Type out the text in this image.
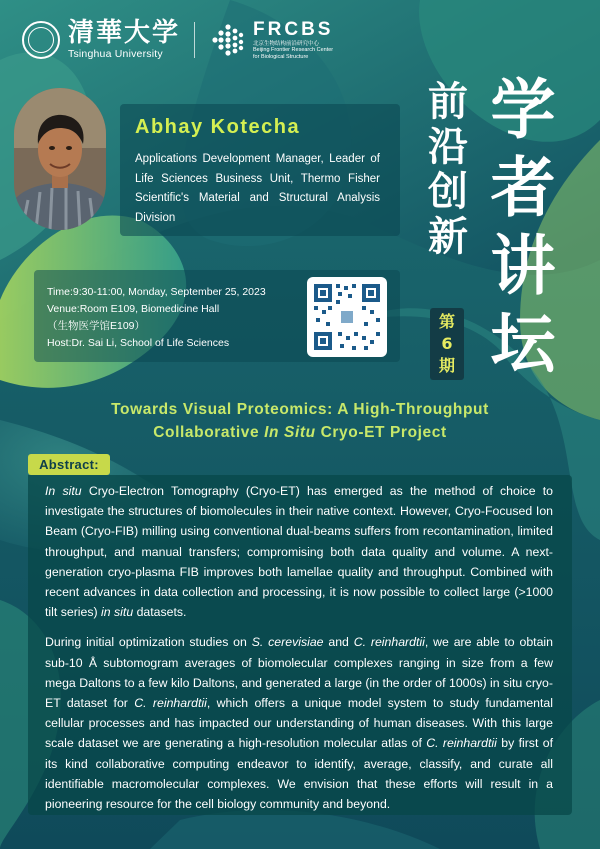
清華大学
Tsinghua University
FRCBS
北京生物结构前沿研究中心
Beijing Frontier Research Center
for Biological Structure
Abhay Kotecha
Applications Development Manager, Leader of Life Sciences Business Unit, Thermo Fisher Scientific's Material and Structural Analysis Division
前
沿
创
新
学
者
讲
坛
第
6
期
Time:9:30-11:00, Monday, September 25, 2023
Venue:Room E109, Biomedicine Hall
（生物医学馆E109）
Host:Dr. Sai Li, School of Life Sciences
Towards Visual Proteomics: A High-Throughput
Collaborative In Situ Cryo-ET Project
Abstract:

In situ Cryo-Electron Tomography (Cryo-ET) has emerged as the method of choice to investigate the structures of biomolecules in their native context. However, Cryo-Focused Ion Beam (Cryo-FIB) milling using conventional dual-beams suffers from recontamination, limited throughput, and manual transfers; compromising both data quality and volume. A next-generation cryo-plasma FIB improves both lamellae quality and throughput. Combined with recent advances in data collection and processing, it is now possible to collect large (>1000 tilt series) in situ datasets.

During initial optimization studies on S. cerevisiae and C. reinhardtii, we are able to obtain sub-10 Å subtomogram averages of biomolecular complexes ranging in size from a few mega Daltons to a few kilo Daltons, and generated a large (in the order of 1000s) in situ cryo-ET dataset for C. reinhardtii, which offers a unique model system to study fundamental cellular processes and has impacted our understanding of human diseases. With this large scale dataset we are generating a high-resolution molecular atlas of C. reinhardtii by first of its kind collaborative computing endeavor to identify, average, classify, and curate all identifiable macromolecular complexes. We envision that these efforts will result in a pioneering resource for the cell biology community and beyond.
